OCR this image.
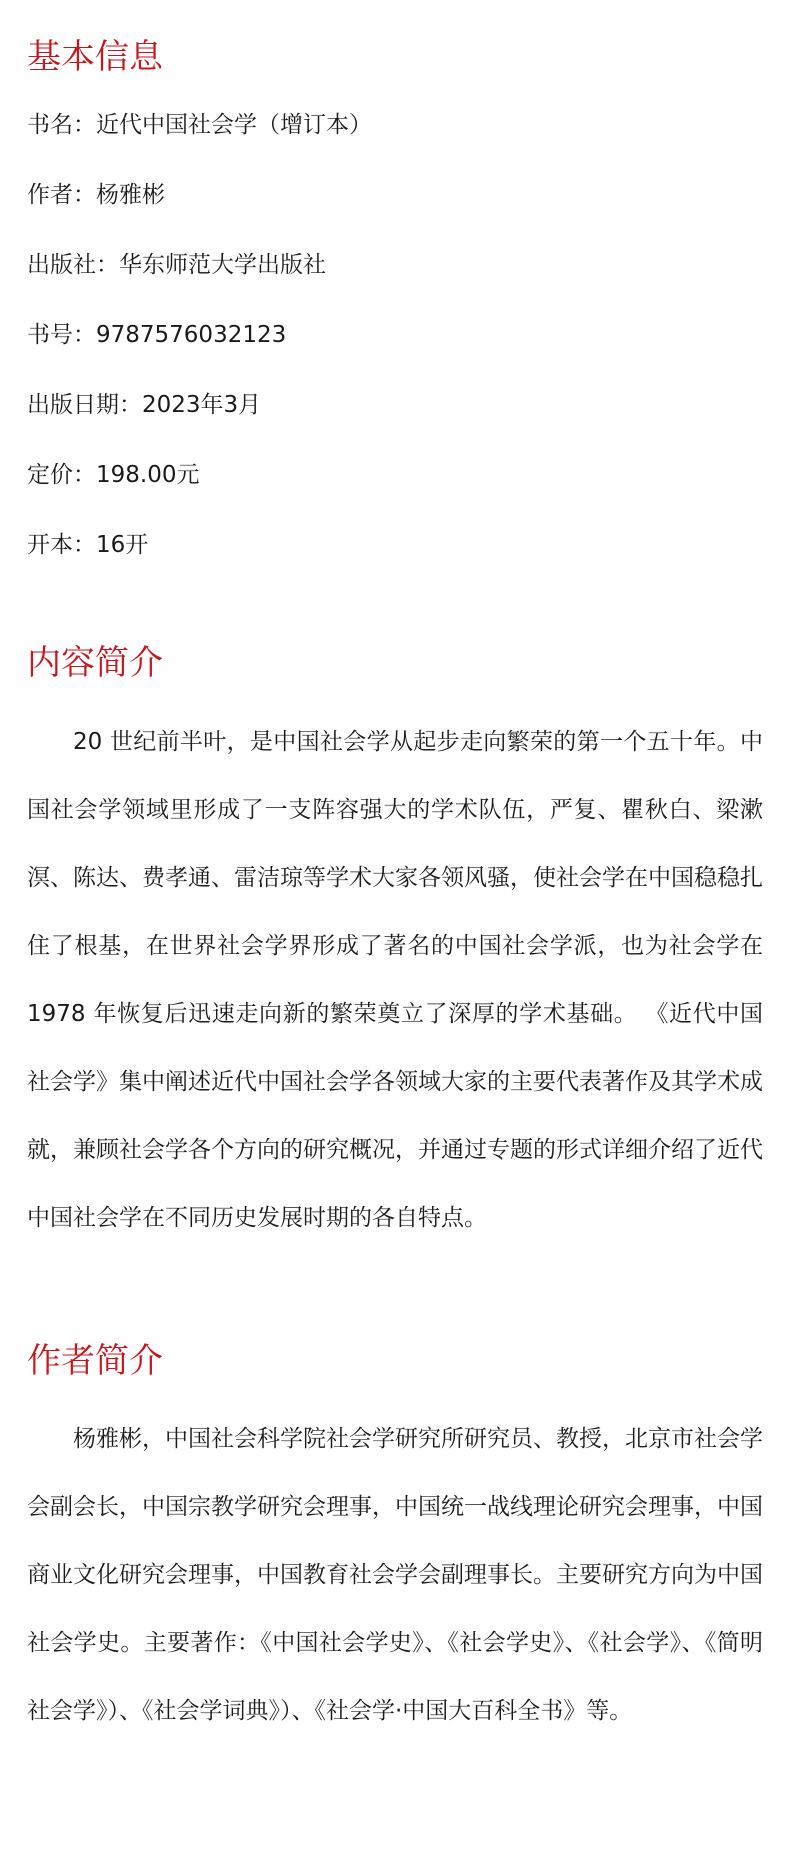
基本信息
书名：近代中国社会学（增订本）
作者：杨雅彬
出版社：华东师范大学出版社
书号：9787576032123
出版日期：2023年3月
定价：198.00元
开本：16开
内容简介

20 世纪前半叶，是中国社会学从起步走向繁荣的第一个五十年。中国社会学领域里形成了一支阵容强大的学术队伍，严复、瞿秋白、梁漱溟、陈达、费孝通、雷洁琼等学术大家各领风骚，使社会学在中国稳稳扎住了根基，在世界社会学界形成了著名的中国社会学派，也为社会学在 1978 年恢复后迅速走向新的繁荣奠立了深厚的学术基础。 《近代中国社会学》集中阐述近代中国社会学各领域大家的主要代表著作及其学术成就，兼顾社会学各个方向的研究概况，并通过专题的形式详细介绍了近代中国社会学在不同历史发展时期的各自特点。

作者简介

杨雅彬，中国社会科学院社会学研究所研究员、教授，北京市社会学会副会长，中国宗教学研究会理事，中国统一战线理论研究会理事，中国商业文化研究会理事，中国教育社会学会副理事长。主要研究方向为中国社会学史。主要著作：《中国社会学史》、《社会学史》、《社会学》、《简明社会学》）、《社会学词典》）、《社会学·中国大百科全书》等。
